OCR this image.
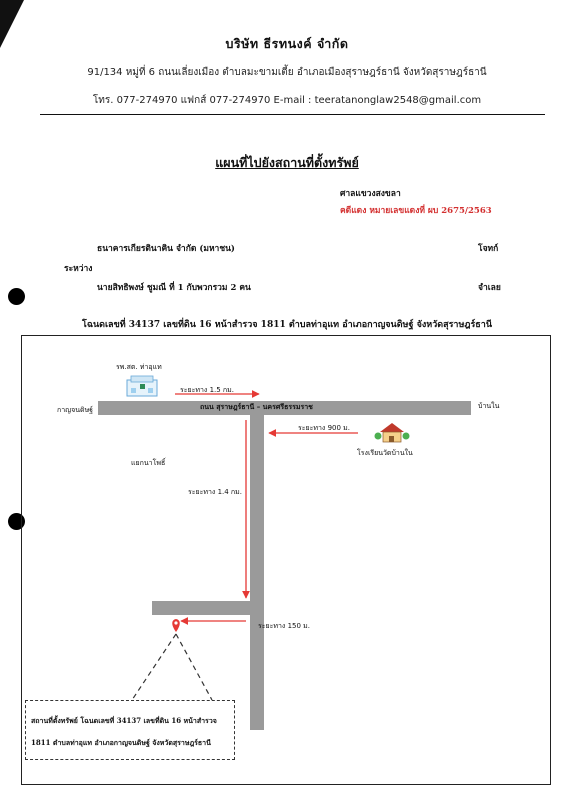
บริษัท ธีรทนงค์ จำกัด
91/134 หมู่ที่ 6 ถนนเลี่ยงเมือง ตำบลมะขามเตี้ย อำเภอเมืองสุราษฎร์ธานี จังหวัดสุราษฎร์ธานี
โทร. 077-274970 แฟกส์ 077-274970 E-mail : teeratanonglaw2548@gmail.com
แผนที่ไปยังสถานที่ตั้งทรัพย์
ศาลแขวงสงขลา
คดีแดง หมายเลขแดงที่ ผบ 2675/2563
ธนาคารเกียรตินาคิน จำกัด (มหาชน)	โจทก์
ระหว่าง
นายสิทธิพงษ์ ชูมณี ที่ 1 กับพวกรวม 2 คน	จำเลย
โฉนดเลขที่ 34137 เลขที่ดิน 16 หน้าสำรวจ 1811 ตำบลท่าอุแท อำเภอกาญจนดิษฐ์ จังหวัดสุราษฎร์ธานี
รพ.สต. ท่าอุแท
ระยะทาง 1.5 กม.
ถนน สุราษฎร์ธานี – นครศรีธรรมราช
กาญจนดิษฐ์	บ้านใน
ระยะทาง 900 ม.
โรงเรียนวัดบ้านใน
แยกนาโพธิ์
ระยะทาง 1.4 กม.
ระยะทาง 150 ม.
สถานที่ตั้งทรัพย์ โฉนดเลขที่ 34137 เลขที่ดิน 16 หน้าสำรวจ
1811 ตำบลท่าอุแท อำเภอกาญจนดิษฐ์ จังหวัดสุราษฎร์ธานี
